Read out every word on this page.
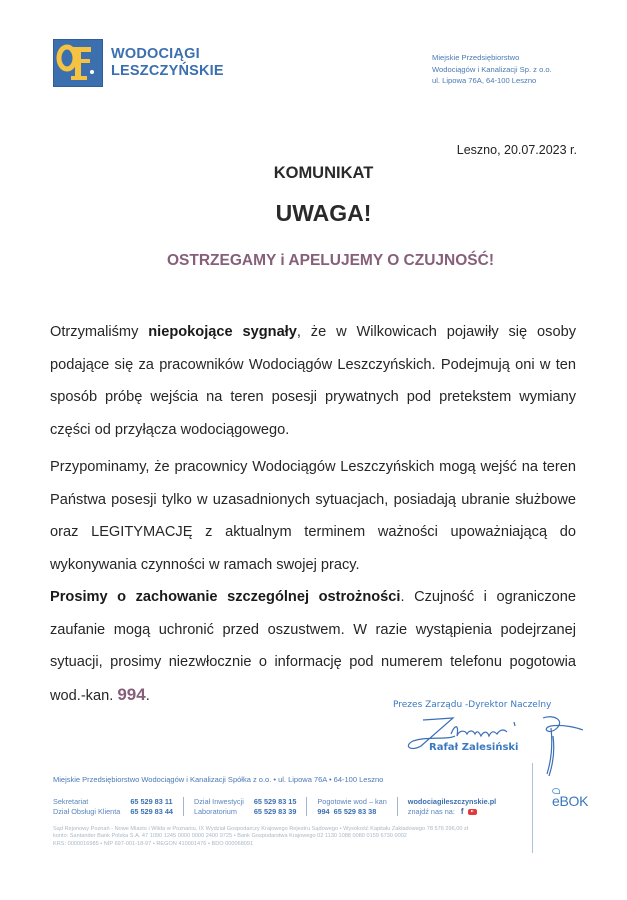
WODOCIĄGI
LESZCZYŃSKIE
Miejskie Przedsiębiorstwo
Wodociągów i Kanalizacji Sp. z o.o.
ul. Lipowa 76A, 64-100 Leszno
Leszno, 20.07.2023 r.
KOMUNIKAT
UWAGA!
OSTRZEGAMY i APELUJEMY O CZUJNOŚĆ!
Otrzymaliśmy niepokojące sygnały, że w Wilkowicach pojawiły się osoby podające się za pracowników Wodociągów Leszczyńskich. Podejmują oni w ten sposób próbę wejścia na teren posesji prywatnych pod pretekstem wymiany części od przyłącza wodociągowego.
Przypominamy, że pracownicy Wodociągów Leszczyńskich mogą wejść na teren Państwa posesji tylko w uzasadnionych sytuacjach, posiadają ubranie służbowe oraz LEGITYMACJĘ z aktualnym terminem ważności upoważniającą do wykonywania czynności w ramach swojej pracy.
Prosimy o zachowanie szczególnej ostrożności. Czujność i ograniczone zaufanie mogą uchronić przed oszustwem. W razie wystąpienia podejrzanej sytuacji, prosimy niezwłocznie o informację pod numerem telefonu pogotowia wod.-kan. 994.
Prezes Zarządu -Dyrektor Naczelny
Rafał Zalesiński
Miejskie Przedsiębiorstwo Wodociągów i Kanalizacji Spółka z o.o. • ul. Lipowa 76A • 64-100 Leszno
Sekretariat
Dział Obsługi Klienta
65 529 83 11
65 529 83 44
Dział Inwestycji
Laboratorium
65 529 83 15
65 529 83 39
Pogotowie wod – kan
994 65 529 83 38
wodociagileszczynskie.pl
znajdź nas na: f
eBOK
Sąd Rejonowy Poznań - Nowe Miasto i Wilda w Poznaniu, IX Wydział Gospodarczy Krajowego Rejestru Sądowego • Wysokość Kapitału Zakładowego 78 576 296,00 zł
konto: Santander Bank Polska S.A. 47 1090 1245 0000 0000 2400 9725 • Bank Gospodarstwa Krajowego 02 1130 1088 0080 0159 6730 0002
KRS: 0000016985 • NIP 697-001-18-97 • REGON 410001476 • BDO 000068091
